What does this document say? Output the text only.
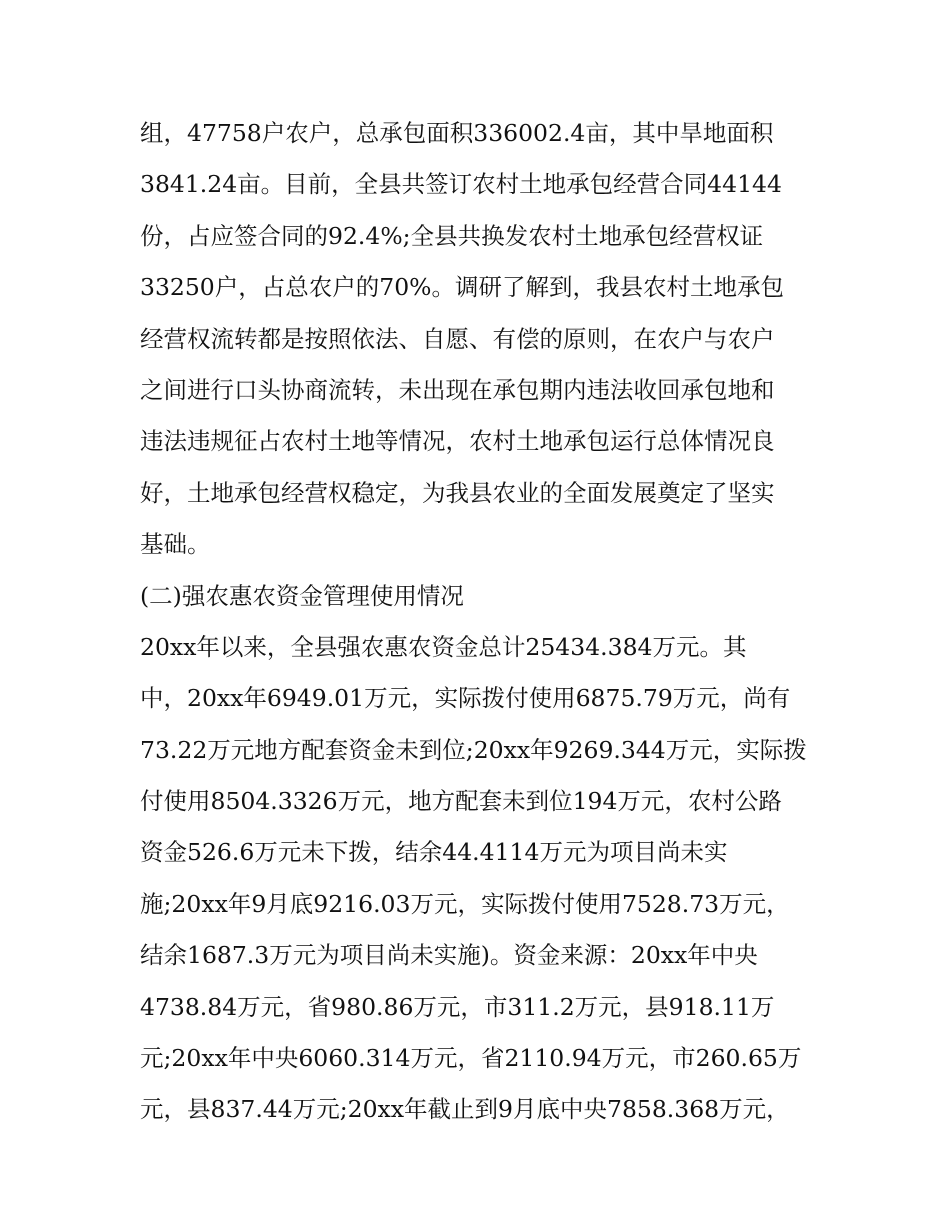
组，47758户农户，总承包面积336002.4亩，其中旱地面积
3841.24亩。目前，全县共签订农村土地承包经营合同44144
份，占应签合同的92.4%;全县共换发农村土地承包经营权证
33250户，占总农户的70%。调研了解到，我县农村土地承包
经营权流转都是按照依法、自愿、有偿的原则，在农户与农户
之间进行口头协商流转，未出现在承包期内违法收回承包地和
违法违规征占农村土地等情况，农村土地承包运行总体情况良
好，土地承包经营权稳定，为我县农业的全面发展奠定了坚实
基础。
(二)强农惠农资金管理使用情况
20xx年以来，全县强农惠农资金总计25434.384万元。其
中，20xx年6949.01万元，实际拨付使用6875.79万元，尚有
73.22万元地方配套资金未到位;20xx年9269.344万元，实际拨
付使用8504.3326万元，地方配套未到位194万元，农村公路
资金526.6万元未下拨，结余44.4114万元为项目尚未实
施;20xx年9月底9216.03万元，实际拨付使用7528.73万元，
结余1687.3万元为项目尚未实施)。资金来源：20xx年中央
4738.84万元，省980.86万元，市311.2万元，县918.11万
元;20xx年中央6060.314万元，省2110.94万元，市260.65万
元，县837.44万元;20xx年截止到9月底中央7858.368万元，
